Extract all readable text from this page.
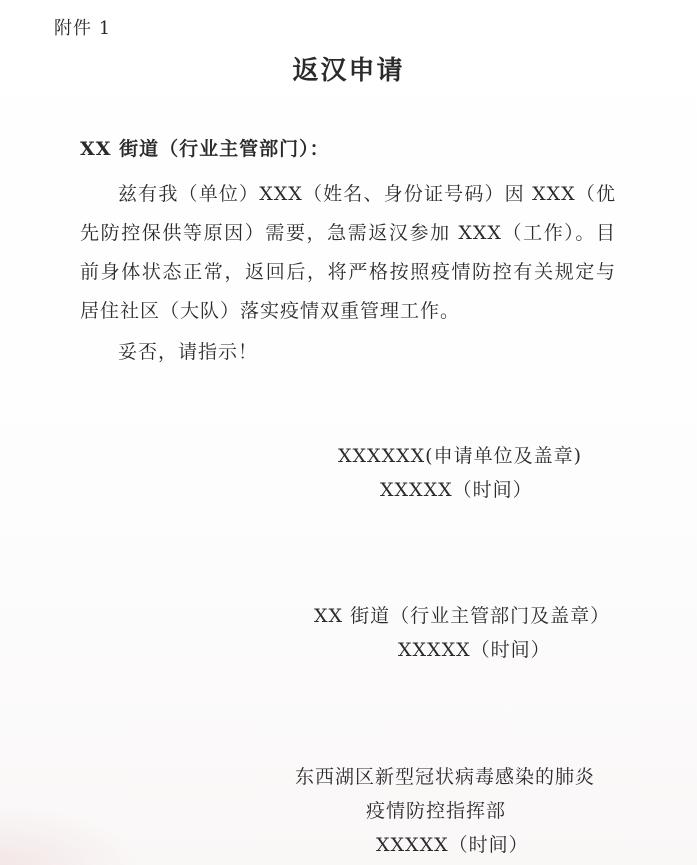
附件 1
返汉申请
XX 街道（行业主管部门）：

兹有我（单位）XXX（姓名、身份证号码）因 XXX（优先防控保供等原因）需要，急需返汉参加 XXX（工作）。目前身体状态正常，返回后，将严格按照疫情防控有关规定与居住社区（大队）落实疫情双重管理工作。

妥否，请指示！
XXXXXX(申请单位及盖章)
XXXXX（时间）
XX 街道（行业主管部门及盖章）
XXXXX（时间）
东西湖区新型冠状病毒感染的肺炎
疫情防控指挥部
XXXXX（时间）
